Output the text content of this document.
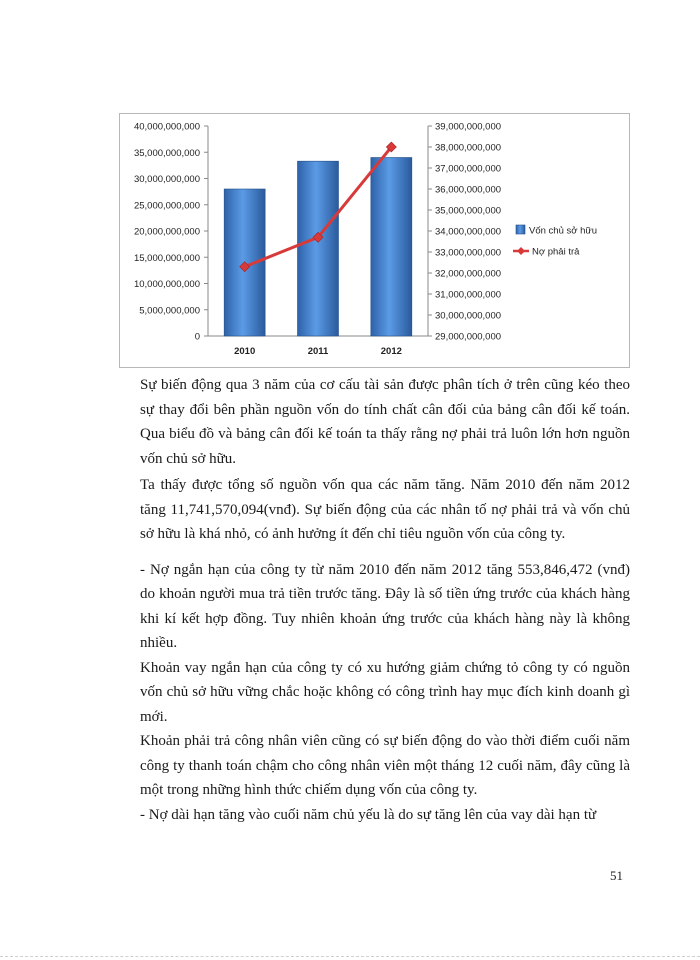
40,000,000,000
35,000,000,000
30,000,000,000
25,000,000,000
20,000,000,000
15,000,000,000
10,000,000,000
5,000,000,000
0
39,000,000,000
38,000,000,000
37,000,000,000
36,000,000,000
35,000,000,000
34,000,000,000
33,000,000,000
32,000,000,000
31,000,000,000
30,000,000,000
29,000,000,000
2010	2011	2012
Vốn chủ sở hữu
Nợ phải trả

Sự biến động qua 3 năm của cơ cấu tài sản được phân tích ở trên cũng kéo theo sự thay đổi bên phần nguồn vốn do tính chất cân đối của bảng cân đối kế toán. Qua biểu đồ và bảng cân đối kế toán ta thấy rằng nợ phải trả luôn lớn hơn nguồn vốn chủ sở hữu.

Ta thấy được tổng số nguồn vốn qua các năm tăng. Năm 2010 đến năm 2012 tăng 11,741,570,094(vnđ). Sự biến động của các nhân tố nợ phải trả và vốn chủ sở hữu là khá nhỏ, có ảnh hưởng ít đến chỉ tiêu nguồn vốn của công ty.

- Nợ ngắn hạn của công ty từ năm 2010 đến năm 2012 tăng 553,846,472 (vnđ) do khoản người mua trả tiền trước tăng. Đây là số tiền ứng trước của khách hàng khi kí kết hợp đồng. Tuy nhiên khoản ứng trước của khách hàng này là không nhiều.

Khoản vay ngắn hạn của công ty có xu hướng giảm chứng tỏ công ty có nguồn vốn chủ sở hữu vững chắc hoặc không có công trình hay mục đích kinh doanh gì mới.

Khoản phải trả công nhân viên cũng có sự biến động do vào thời điểm cuối năm công ty thanh toán chậm cho công nhân viên một tháng 12 cuối năm, đây cũng là một trong những hình thức chiếm dụng vốn của công ty.

- Nợ dài hạn tăng vào cuối năm chủ yếu là do sự tăng lên của vay dài hạn từ

51
